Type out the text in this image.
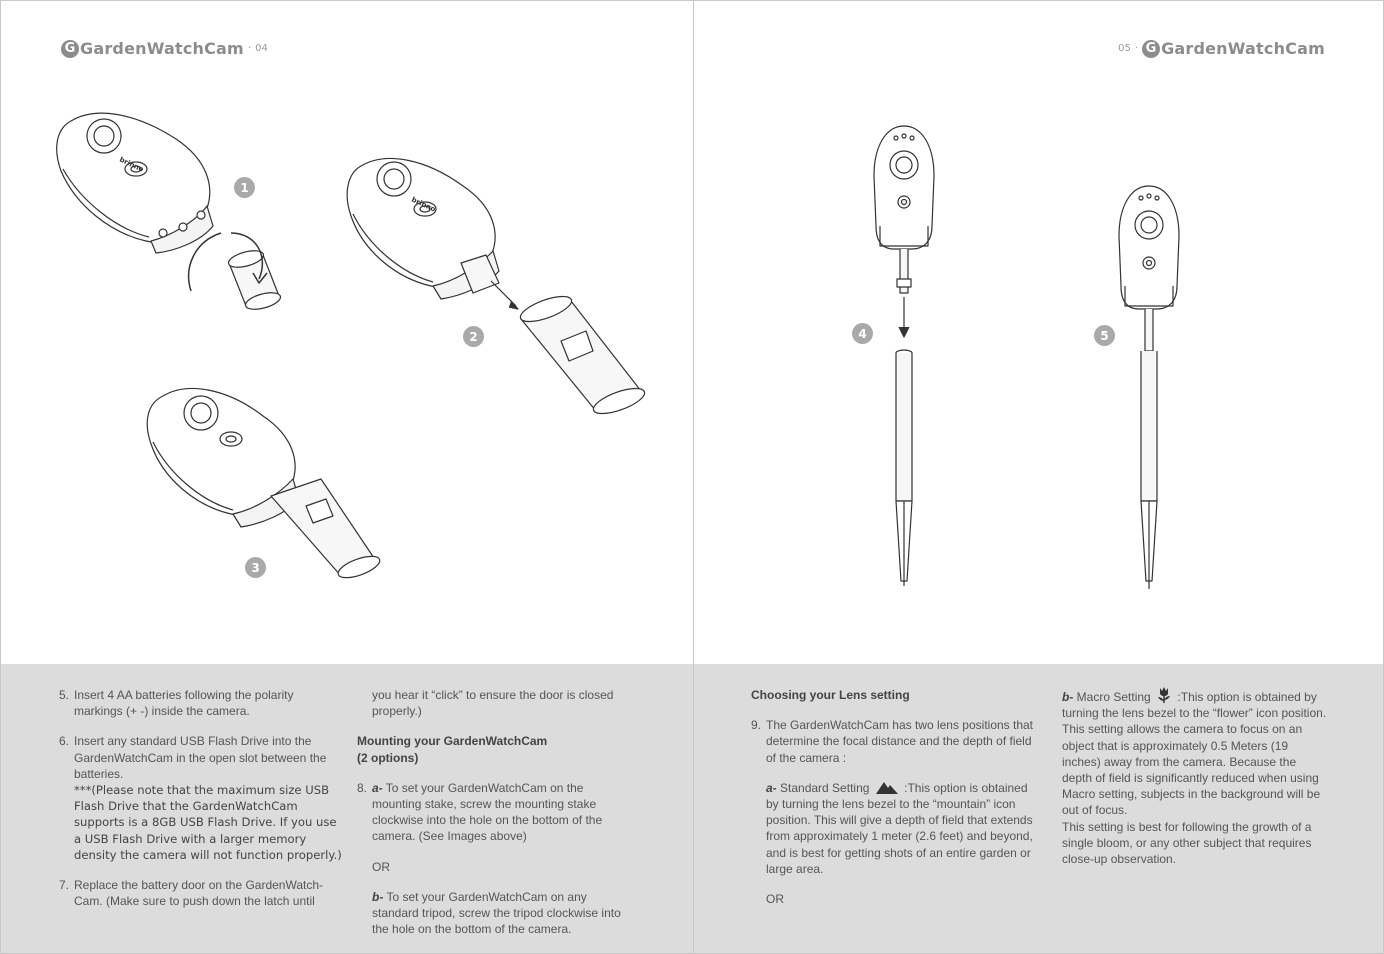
G GardenWatchCam · 04
brinno
brinno
1
2
3
5. Insert 4 AA batteries following the polarity markings (+ -) inside the camera.
6. Insert any standard USB Flash Drive into the GardenWatchCam in the open slot between the batteries.
***(Please note that the maximum size USB Flash Drive that the GardenWatchCam supports is a 8GB USB Flash Drive. If you use a USB Flash Drive with a larger memory density the camera will not function properly.)
7. Replace the battery door on the GardenWatch-Cam. (Make sure to push down the latch until
you hear it “click” to ensure the door is closed properly.)
Mounting your GardenWatchCam
(2 options)
8. a- To set your GardenWatchCam on the mounting stake, screw the mounting stake clockwise into the hole on the bottom of the camera. (See Images above)
OR
b- To set your GardenWatchCam on any standard tripod, screw the tripod clockwise into the hole on the bottom of the camera.
05 · G GardenWatchCam
4	5
Choosing your Lens setting
9. The GardenWatchCam has two lens positions that determine the focal distance and the depth of field of the camera :
a- Standard Setting	:This option is obtained by turning the lens bezel to the “mountain” icon position. This will give a depth of field that extends from approximately 1 meter (2.6 feet) and beyond, and is best for getting shots of an entire garden or large area.
OR
b- Macro Setting :This option is obtained by turning the lens bezel to the “flower” icon position. This setting allows the camera to focus on an object that is approximately 0.5 Meters (19 inches) away from the camera. Because the depth of field is significantly reduced when using Macro setting, subjects in the background will be out of focus.
This setting is best for following the growth of a single bloom, or any other subject that requires close-up observation.
